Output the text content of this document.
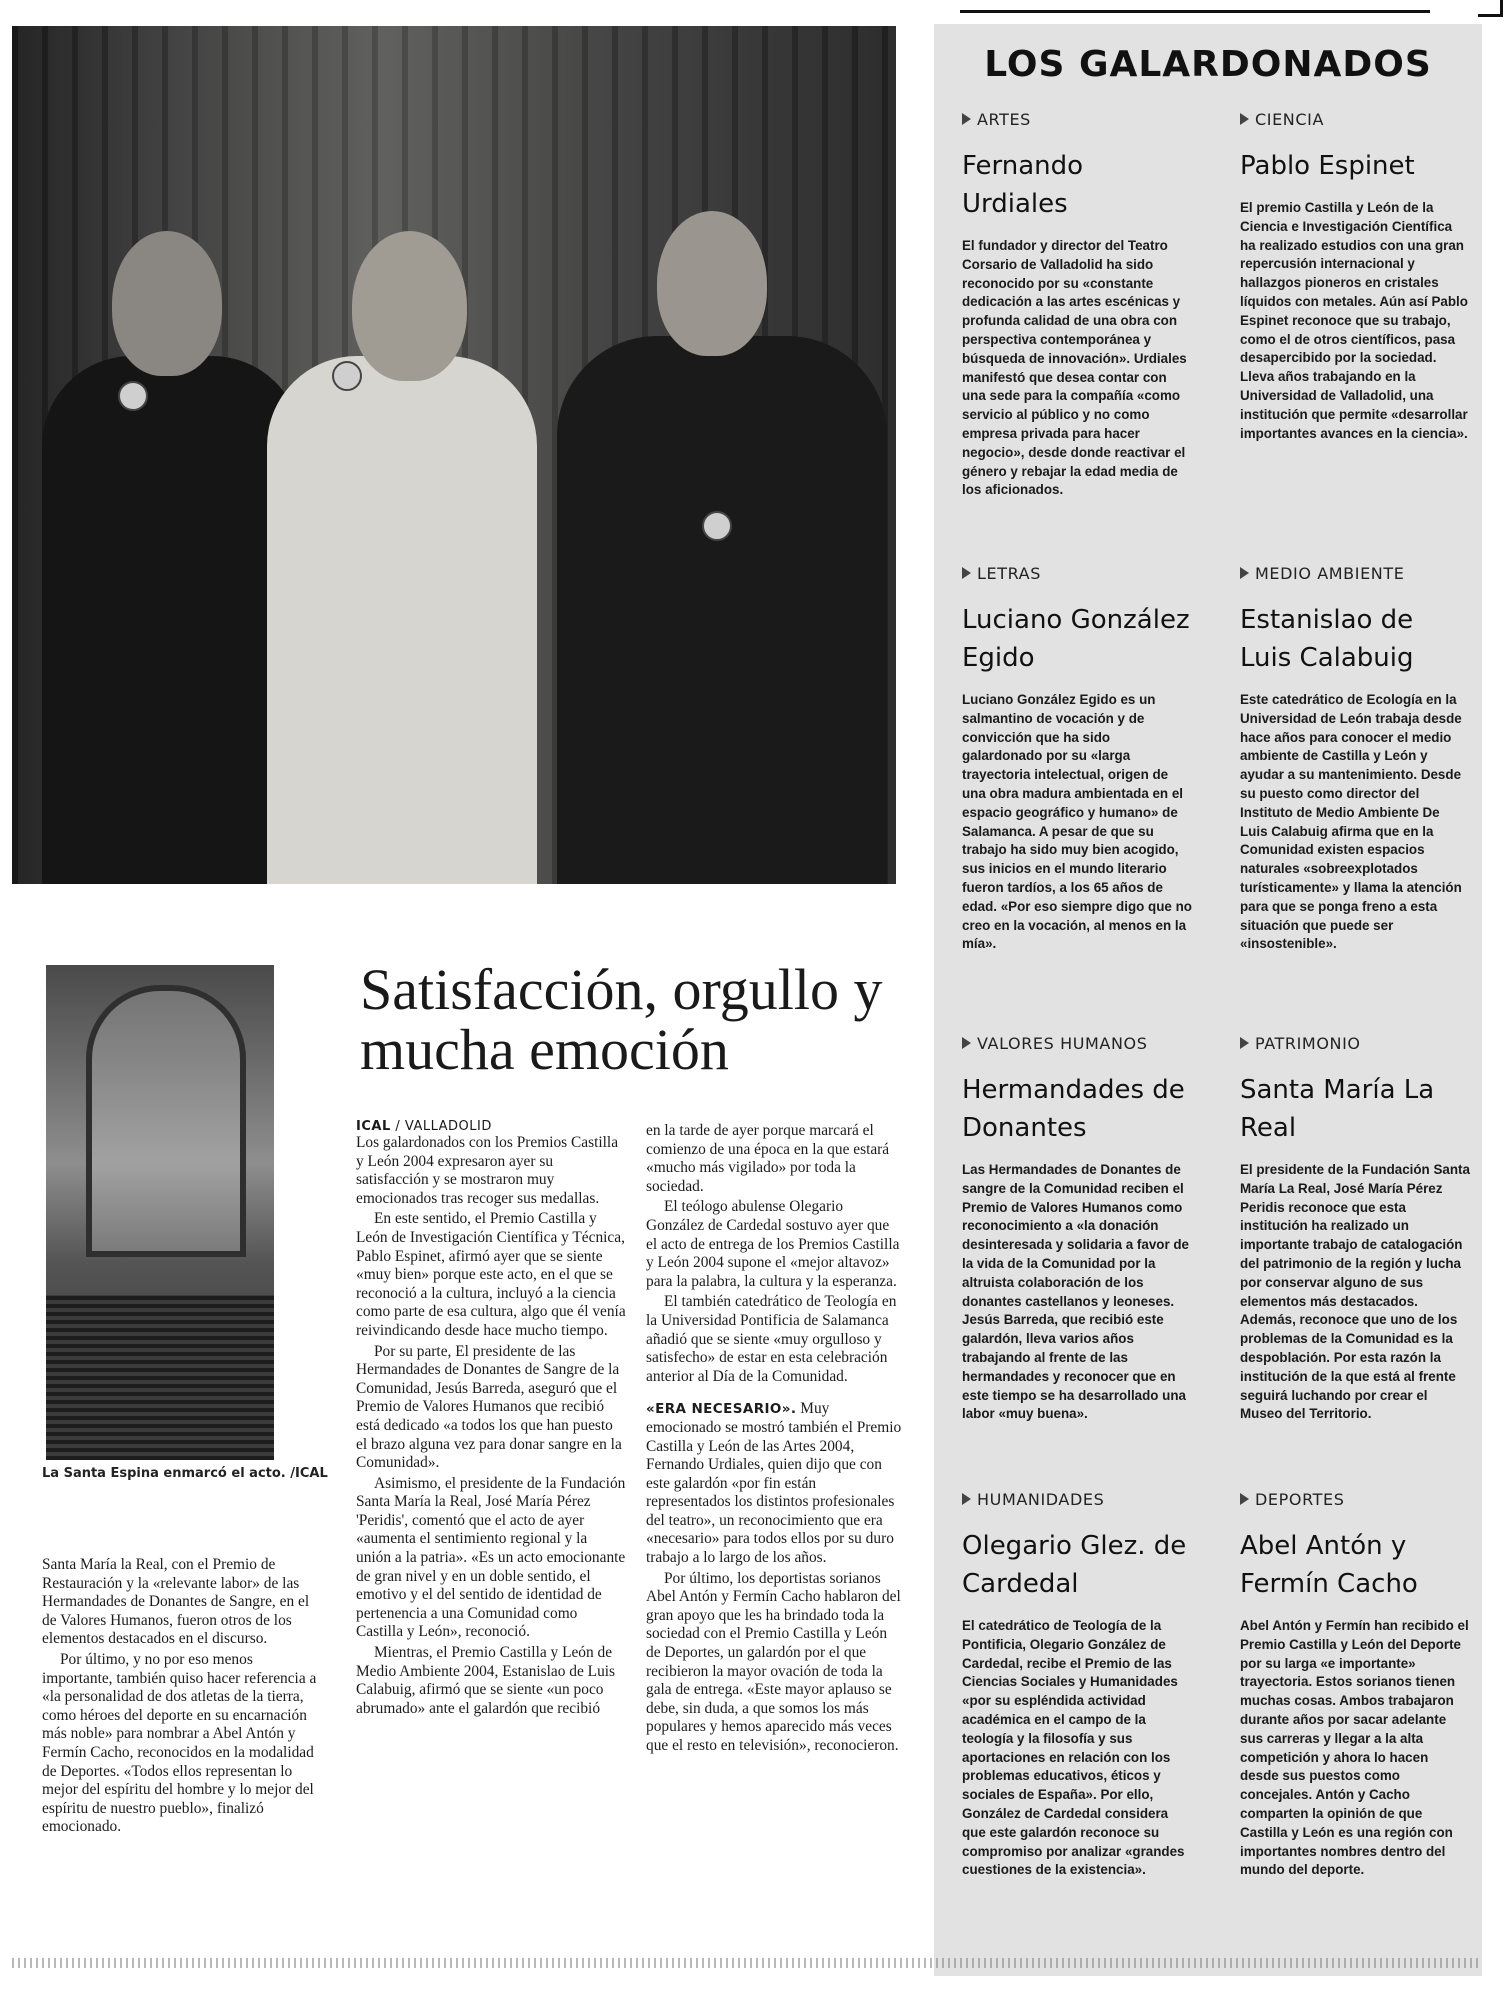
La Santa Espina enmarcó el acto. /ICAL
Satisfacción, orgullo y mucha emoción
ICAL / VALLADOLID

Los galardonados con los Premios Castilla y León 2004 expresaron ayer su satisfacción y se mostraron muy emocionados tras recoger sus medallas.

En este sentido, el Premio Castilla y León de Investigación Científica y Técnica, Pablo Espinet, afirmó ayer que se siente «muy bien» porque este acto, en el que se reconoció a la cultura, incluyó a la ciencia como parte de esa cultura, algo que él venía reivindicando desde hace mucho tiempo.

Por su parte, El presidente de las Hermandades de Donantes de Sangre de la Comunidad, Jesús Barreda, aseguró que el Premio de Valores Humanos que recibió está dedicado «a todos los que han puesto el brazo alguna vez para donar sangre en la Comunidad».

Asimismo, el presidente de la Fundación Santa María la Real, José María Pérez 'Peridis', comentó que el acto de ayer «aumenta el sentimiento regional y la unión a la patria». «Es un acto emocionante de gran nivel y en un doble sentido, el emotivo y el del sentido de identidad de pertenencia a una Comunidad como Castilla y León», reconoció.

Mientras, el Premio Castilla y León de Medio Ambiente 2004, Estanislao de Luis Calabuig, afirmó que se siente «un poco abrumado» ante el galardón que recibió

en la tarde de ayer porque marcará el comienzo de una época en la que estará «mucho más vigilado» por toda la sociedad.

El teólogo abulense Olegario González de Cardedal sostuvo ayer que el acto de entrega de los Premios Castilla y León 2004 supone el «mejor altavoz» para la palabra, la cultura y la esperanza.

El también catedrático de Teología en la Universidad Pontificia de Salamanca añadió que se siente «muy orgulloso y satisfecho» de estar en esta celebración anterior al Día de la Comunidad.

«ERA NECESARIO». Muy emocionado se mostró también el Premio Castilla y León de las Artes 2004, Fernando Urdiales, quien dijo que con este galardón «por fin están representados los distintos profesionales del teatro», un reconocimiento que era «necesario» para todos ellos por su duro trabajo a lo largo de los años.

Por último, los deportistas sorianos Abel Antón y Fermín Cacho hablaron del gran apoyo que les ha brindado toda la sociedad con el Premio Castilla y León de Deportes, un galardón por el que recibieron la mayor ovación de toda la gala de entrega. «Este mayor aplauso se debe, sin duda, a que somos los más populares y hemos aparecido más veces que el resto en televisión», reconocieron.

Santa María la Real, con el Premio de Restauración y la «relevante labor» de las Hermandades de Donantes de Sangre, en el de Valores Humanos, fueron otros de los elementos destacados en el discurso.

Por último, y no por eso menos importante, también quiso hacer referencia a «la personalidad de dos atletas de la tierra, como héroes del deporte en su encarnación más noble» para nombrar a Abel Antón y Fermín Cacho, reconocidos en la modalidad de Deportes. «Todos ellos representan lo mejor del espíritu del hombre y lo mejor del espíritu de nuestro pueblo», finalizó emocionado.

LOS GALARDONADOS
ARTES
Fernando Urdiales

El fundador y director del Teatro Corsario de Valladolid ha sido reconocido por su «constante dedicación a las artes escénicas y profunda calidad de una obra con perspectiva contemporánea y búsqueda de innovación». Urdiales manifestó que desea contar con una sede para la compañía «como servicio al público y no como empresa privada para hacer negocio», desde donde reactivar el género y rebajar la edad media de los aficionados.

CIENCIA
Pablo Espinet

El premio Castilla y León de la Ciencia e Investigación Científica ha realizado estudios con una gran repercusión internacional y hallazgos pioneros en cristales líquidos con metales. Aún así Pablo Espinet reconoce que su trabajo, como el de otros científicos, pasa desapercibido por la sociedad. Lleva años trabajando en la Universidad de Valladolid, una institución que permite «desarrollar importantes avances en la ciencia».

LETRAS
Luciano González Egido

Luciano González Egido es un salmantino de vocación y de convicción que ha sido galardonado por su «larga trayectoria intelectual, origen de una obra madura ambientada en el espacio geográfico y humano» de Salamanca. A pesar de que su trabajo ha sido muy bien acogido, sus inicios en el mundo literario fueron tardíos, a los 65 años de edad. «Por eso siempre digo que no creo en la vocación, al menos en la mía».

MEDIO AMBIENTE
Estanislao de Luis Calabuig

Este catedrático de Ecología en la Universidad de León trabaja desde hace años para conocer el medio ambiente de Castilla y León y ayudar a su mantenimiento. Desde su puesto como director del Instituto de Medio Ambiente De Luis Calabuig afirma que en la Comunidad existen espacios naturales «sobreexplotados turísticamente» y llama la atención para que se ponga freno a esta situación que puede ser «insostenible».

VALORES HUMANOS
Hermandades de Donantes

Las Hermandades de Donantes de sangre de la Comunidad reciben el Premio de Valores Humanos como reconocimiento a «la donación desinteresada y solidaria a favor de la vida de la Comunidad por la altruista colaboración de los donantes castellanos y leoneses. Jesús Barreda, que recibió este galardón, lleva varios años trabajando al frente de las hermandades y reconocer que en este tiempo se ha desarrollado una labor «muy buena».

PATRIMONIO
Santa María La Real

El presidente de la Fundación Santa María La Real, José María Pérez Peridis reconoce que esta institución ha realizado un importante trabajo de catalogación del patrimonio de la región y lucha por conservar alguno de sus elementos más destacados. Además, reconoce que uno de los problemas de la Comunidad es la despoblación. Por esta razón la institución de la que está al frente seguirá luchando por crear el Museo del Territorio.

HUMANIDADES
Olegario Glez. de Cardedal

El catedrático de Teología de la Pontificia, Olegario González de Cardedal, recibe el Premio de las Ciencias Sociales y Humanidades «por su espléndida actividad académica en el campo de la teología y la filosofía y sus aportaciones en relación con los problemas educativos, éticos y sociales de España». Por ello, González de Cardedal considera que este galardón reconoce su compromiso por analizar «grandes cuestiones de la existencia».

DEPORTES
Abel Antón y Fermín Cacho

Abel Antón y Fermín han recibido el Premio Castilla y León del Deporte por su larga «e importante» trayectoria. Estos sorianos tienen muchas cosas. Ambos trabajaron durante años por sacar adelante sus carreras y llegar a la alta competición y ahora lo hacen desde sus puestos como concejales. Antón y Cacho comparten la opinión de que Castilla y León es una región con importantes nombres dentro del mundo del deporte.
